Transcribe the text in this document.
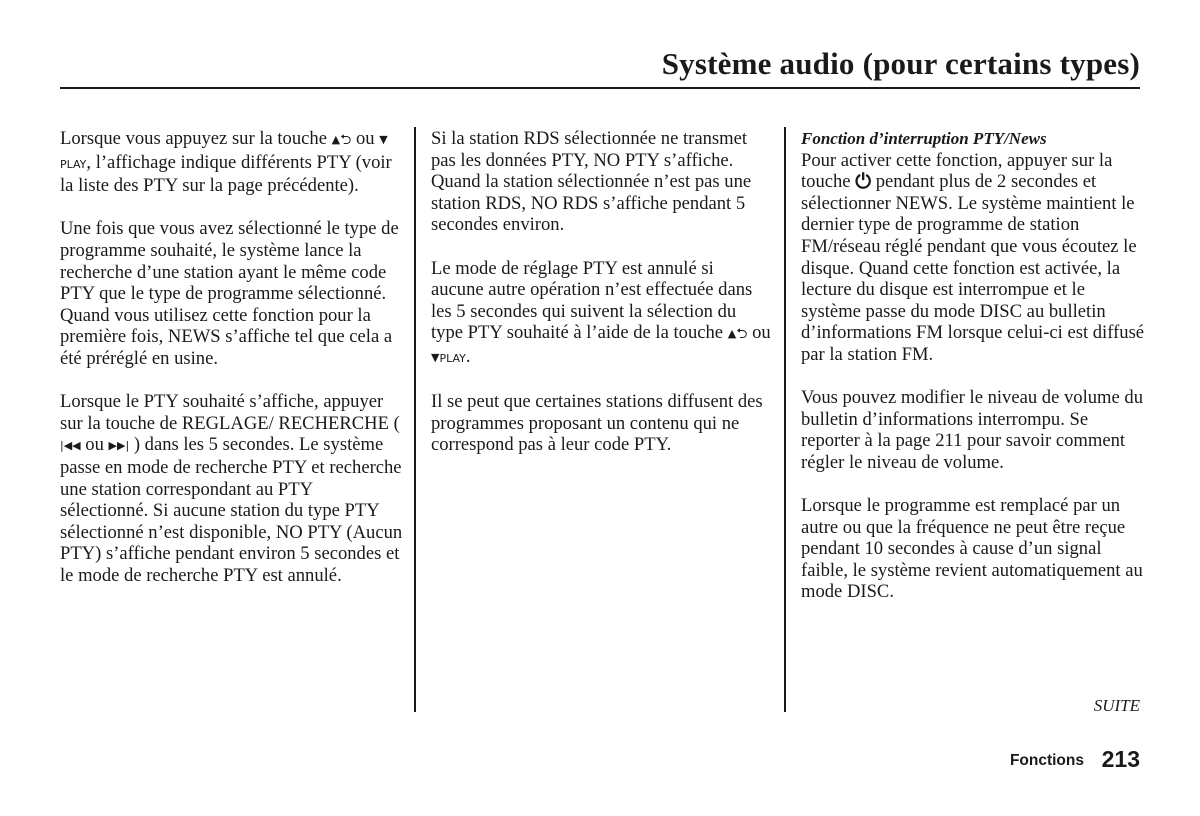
Système audio (pour certains types)

Lorsque vous appuyez sur la touche ▲⮌ ou ▼PLAY, l’affichage indique différents PTY (voir la liste des PTY sur la page précédente).

Une fois que vous avez sélectionné le type de programme souhaité, le système lance la recherche d’une station ayant le même code PTY que le type de programme sélectionné. Quand vous utilisez cette fonction pour la première fois, NEWS s’affiche tel que cela a été préréglé en usine.

Lorsque le PTY souhaité s’affiche, appuyer sur la touche de REGLAGE/ RECHERCHE (|◀◀ ou ▶▶| ) dans les 5 secondes. Le système passe en mode de recherche PTY et recherche une station correspondant au PTY sélectionné. Si aucune station du type PTY sélectionné n’est disponible, NO PTY (Aucun PTY) s’affiche pendant environ 5 secondes et le mode de recherche PTY est annulé.

Si la station RDS sélectionnée ne transmet pas les données PTY, NO PTY s’affiche. Quand la station sélectionnée n’est pas une station RDS, NO RDS s’affiche pendant 5 secondes environ.

Le mode de réglage PTY est annulé si aucune autre opération n’est effectuée dans les 5 secondes qui suivent la sélection du type PTY souhaité à l’aide de la touche ▲⮌ ou ▼PLAY.

Il se peut que certaines stations diffusent des programmes proposant un contenu qui ne correspond pas à leur code PTY.

Fonction d’interruption PTY/News

Pour activer cette fonction, appuyer sur la touche ⏻ pendant plus de 2 secondes et sélectionner NEWS. Le système maintient le dernier type de programme de station FM/réseau réglé pendant que vous écoutez le disque. Quand cette fonction est activée, la lecture du disque est interrompue et le système passe du mode DISC au bulletin d’informations FM lorsque celui-ci est diffusé par la station FM.

Vous pouvez modifier le niveau de volume du bulletin d’informations interrompu. Se reporter à la page 211 pour savoir comment régler le niveau de volume.

Lorsque le programme est remplacé par un autre ou que la fréquence ne peut être reçue pendant 10 secondes à cause d’un signal faible, le système revient automatiquement au mode DISC.

SUITE
Fonctions 213
